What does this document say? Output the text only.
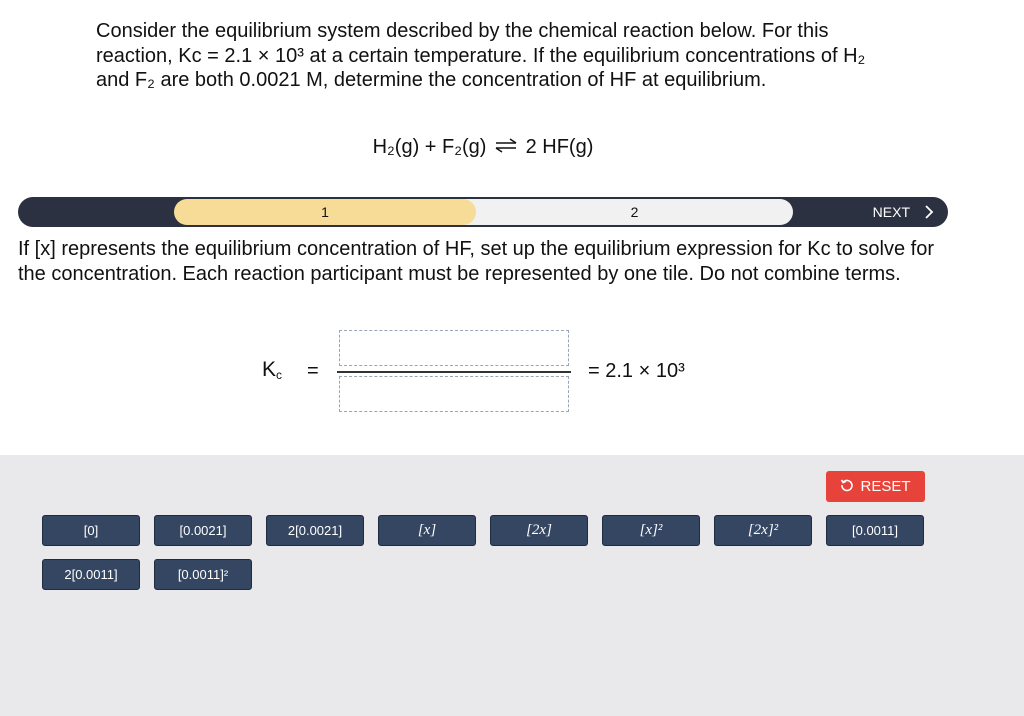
Consider the equilibrium system described by the chemical reaction below. For this reaction, Kc = 2.1 × 10³ at a certain temperature. If the equilibrium concentrations of H₂ and F₂ are both 0.0021 M, determine the concentration of HF at equilibrium.
H₂(g) + F₂(g) ⇌ 2 HF(g)
2
1	NEXT
If [x] represents the equilibrium concentration of HF, set up the equilibrium expression for Kc to solve for the concentration. Each reaction participant must be represented by one tile. Do not combine terms.
$K_c$ =	= 2.1 × 10³
RESET
[0]	[0.0021]	2[0.0021]	[x]	[2x]	[x]²	[2x]²	[0.0011]
2[0.0011]	[0.0011]²
